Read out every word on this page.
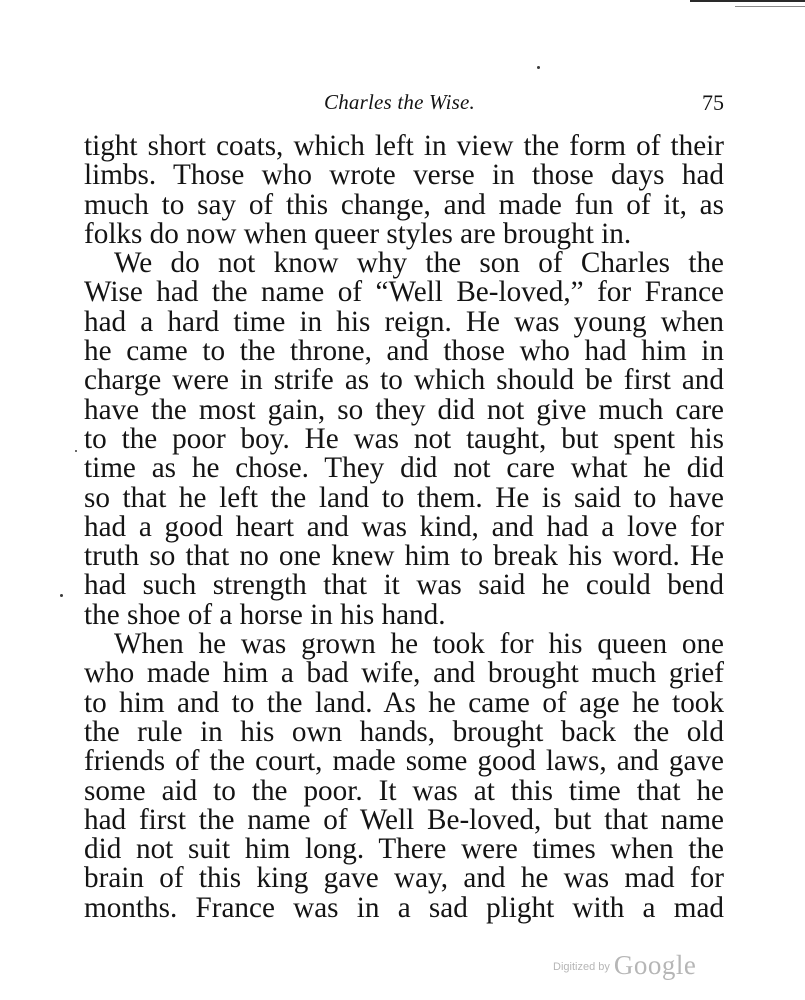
Charles the Wise.	75
tight short coats, which left in view the form of their
limbs. Those who wrote verse in those days had
much to say of this change, and made fun of it, as
folks do now when queer styles are brought in.
We do not know why the son of Charles the
Wise had the name of “Well Be-loved,” for France
had a hard time in his reign. He was young when
he came to the throne, and those who had him in
charge were in strife as to which should be first and
have the most gain, so they did not give much care
to the poor boy. He was not taught, but spent his
time as he chose. They did not care what he did
so that he left the land to them. He is said to have
had a good heart and was kind, and had a love for
truth so that no one knew him to break his word. He
had such strength that it was said he could bend
the shoe of a horse in his hand.
When he was grown he took for his queen one
who made him a bad wife, and brought much grief
to him and to the land. As he came of age he took
the rule in his own hands, brought back the old
friends of the court, made some good laws, and gave
some aid to the poor. It was at this time that he
had first the name of Well Be-loved, but that name
did not suit him long. There were times when the
brain of this king gave way, and he was mad for
months. France was in a sad plight with a mad
$^{Digitized by}$ Google
